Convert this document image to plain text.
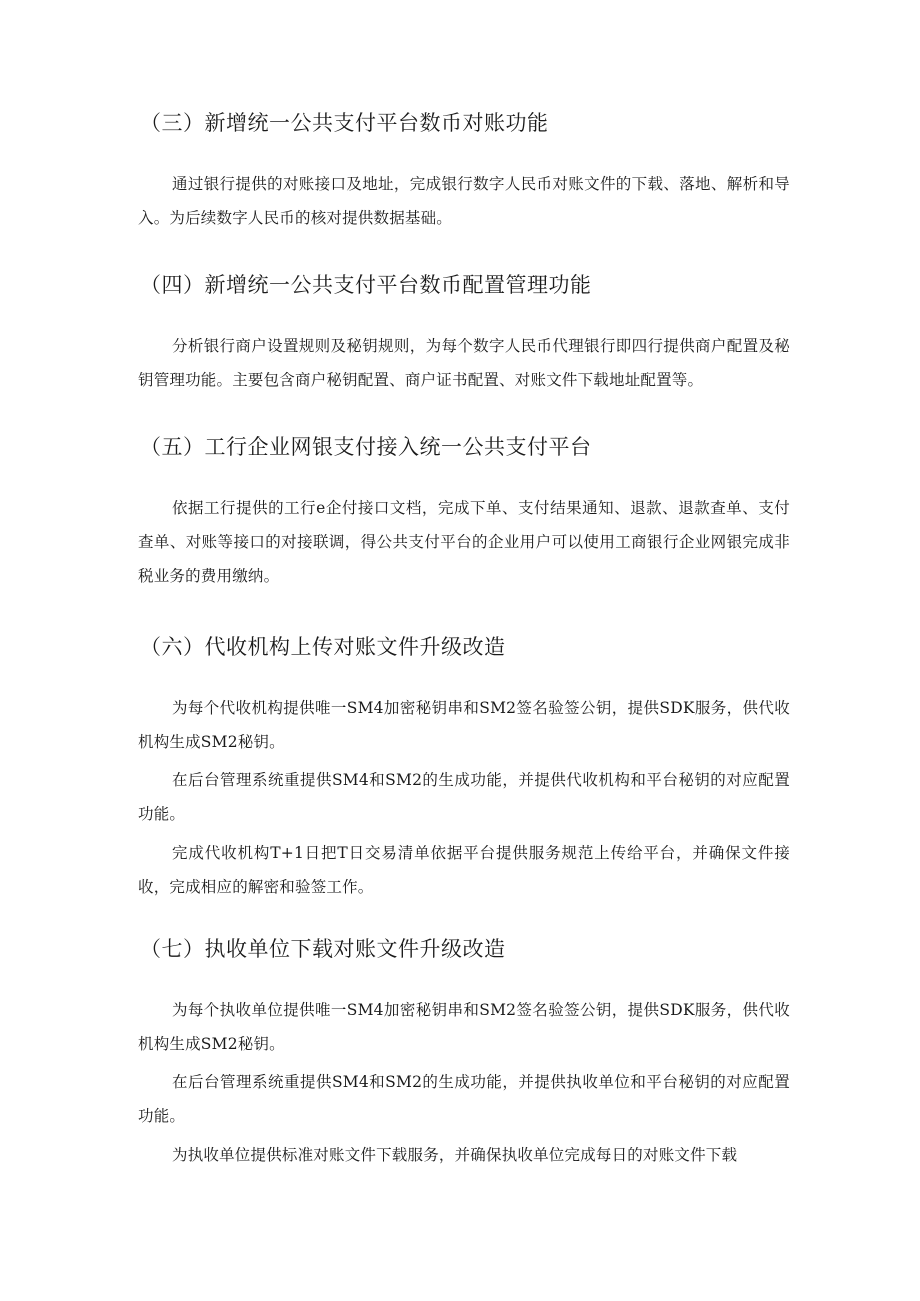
（三）新增统一公共支付平台数币对账功能
通过银行提供的对账接口及地址，完成银行数字人民币对账文件的下载、落地、解析和导入。为后续数字人民币的核对提供数据基础。
（四）新增统一公共支付平台数币配置管理功能
分析银行商户设置规则及秘钥规则，为每个数字人民币代理银行即四行提供商户配置及秘钥管理功能。主要包含商户秘钥配置、商户证书配置、对账文件下载地址配置等。
（五）工行企业网银支付接入统一公共支付平台
依据工行提供的工行e企付接口文档，完成下单、支付结果通知、退款、退款查单、支付查单、对账等接口的对接联调，得公共支付平台的企业用户可以使用工商银行企业网银完成非税业务的费用缴纳。
（六）代收机构上传对账文件升级改造
为每个代收机构提供唯一SM4加密秘钥串和SM2签名验签公钥，提供SDK服务，供代收机构生成SM2秘钥。
在后台管理系统重提供SM4和SM2的生成功能，并提供代收机构和平台秘钥的对应配置功能。
完成代收机构T+1日把T日交易清单依据平台提供服务规范上传给平台，并确保文件接收，完成相应的解密和验签工作。
（七）执收单位下载对账文件升级改造
为每个执收单位提供唯一SM4加密秘钥串和SM2签名验签公钥，提供SDK服务，供代收机构生成SM2秘钥。
在后台管理系统重提供SM4和SM2的生成功能，并提供执收单位和平台秘钥的对应配置功能。
为执收单位提供标准对账文件下载服务，并确保执收单位完成每日的对账文件下载
